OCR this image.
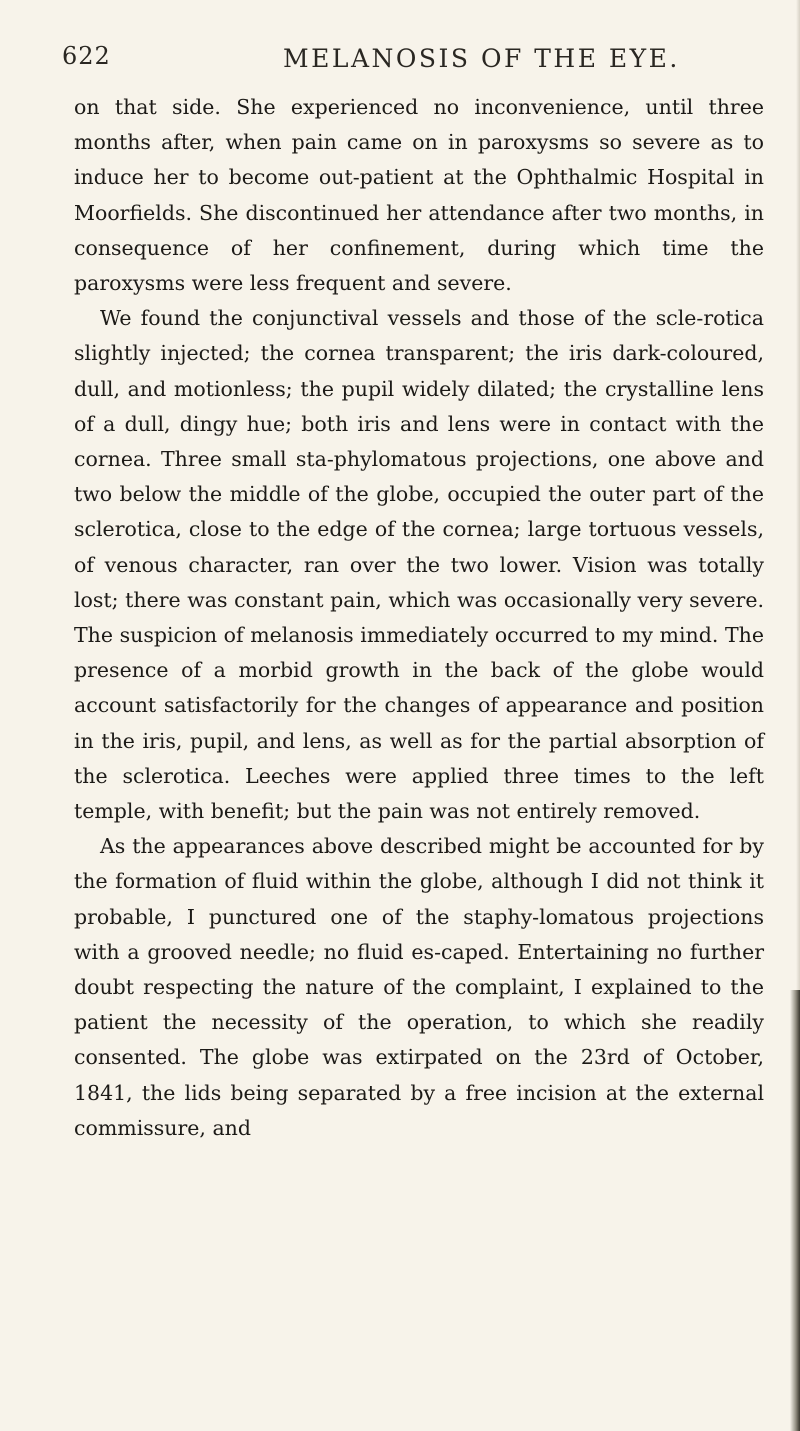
622	MELANOSIS OF THE EYE.

on that side. She experienced no inconvenience, until three months after, when pain came on in paroxysms so severe as to induce her to become out-patient at the Ophthalmic Hospital in Moorfields. She discontinued her attendance after two months, in consequence of her confinement, during which time the paroxysms were less frequent and severe.

We found the conjunctival vessels and those of the scle-rotica slightly injected; the cornea transparent; the iris dark-coloured, dull, and motionless; the pupil widely dilated; the crystalline lens of a dull, dingy hue; both iris and lens were in contact with the cornea. Three small sta-phylomatous projections, one above and two below the middle of the globe, occupied the outer part of the sclerotica, close to the edge of the cornea; large tortuous vessels, of venous character, ran over the two lower. Vision was totally lost; there was constant pain, which was occasionally very severe. The suspicion of melanosis immediately occurred to my mind. The presence of a morbid growth in the back of the globe would account satisfactorily for the changes of appearance and position in the iris, pupil, and lens, as well as for the partial absorption of the sclerotica. Leeches were applied three times to the left temple, with benefit; but the pain was not entirely removed.

As the appearances above described might be accounted for by the formation of fluid within the globe, although I did not think it probable, I punctured one of the staphy-lomatous projections with a grooved needle; no fluid es-caped. Entertaining no further doubt respecting the nature of the complaint, I explained to the patient the necessity of the operation, to which she readily consented. The globe was extirpated on the 23rd of October, 1841, the lids being separated by a free incision at the external commissure, and
